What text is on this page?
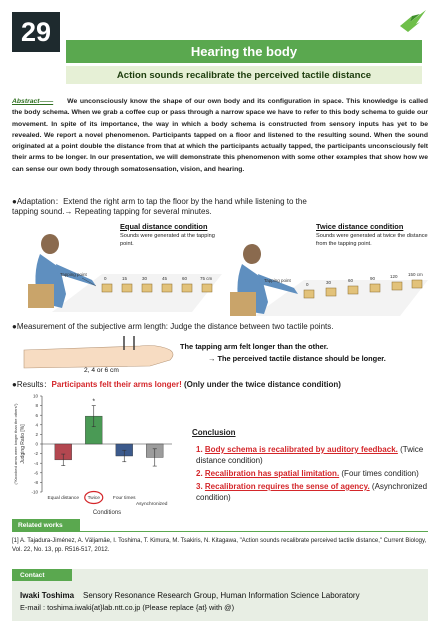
29
Hearing the body
Action sounds recalibrate the perceived tactile distance
Abstract―― We unconsciously know the shape of our own body and its configuration in space. This knowledge is called the body schema. When we grab a coffee cup or pass through a narrow space we have to refer to this body schema to guide our movement. In spite of its importance, the way in which a body schema is constructed from sensory inputs has yet to be revealed. We report a novel phenomenon. Participants tapped on a floor and listened to the resulting sound. When the sound originated at a point double the distance from that at which the participants actually tapped, the participants unconsciously felt their arms to be longer. In our presentation, we will demonstrate this phenomenon with some other examples that show how we can sense our own body through somatosensation, vision, and hearing.
●Adaptation：Extend the right arm to tap the floor by the hand while listening to the
tapping sound.→ Repeating tapping for several minutes.
Equal distance condition
Sounds were generated at the tapping point.
Twice distance condition
Sounds were generated at twice the distance from the tapping point.
0	15	30	45	60	75 cm
Tapping point
0	30	60	90	120 150 cm
Tapping point
●Measurement of the subjective arm length: Judge the distance between two tactile points.
2, 4 or 6 cm
The tapping arm felt longer than the other.
→ The perceived tactile distance should be longer.
●Results：Participants felt their arms longer! (Only under the twice distance condition)
-10
-8
-6
-4
-2
0
2
4
6
8
10
Judging Ratio [%]
("Knocked arms were longer than the others")
Equal distance Twice	Four times
Asynchronized
*
Conditions
Conclusion
1. Body schema is recalibrated by auditory feedback. (Twice distance condition)
2. Recalibration has spatial limitation. (Four times condition)
3. Recalibration requires the sense of agency. (Asynchronized condition)
Related works
[1] A. Tajadura-Jiménez, A. Väljamäe, I. Toshima, T. Kimura, M. Tsakiris, N. Kitagawa, "Action sounds recalibrate perceived tactile distance," Current Biology, Vol. 22, No. 13, pp. R516-517, 2012.
Contact
Iwaki Toshima Sensory Resonance Research Group, Human Information Science Laboratory
E-mail : toshima.iwaki{at}lab.ntt.co.jp (Please replace {at} with @)
